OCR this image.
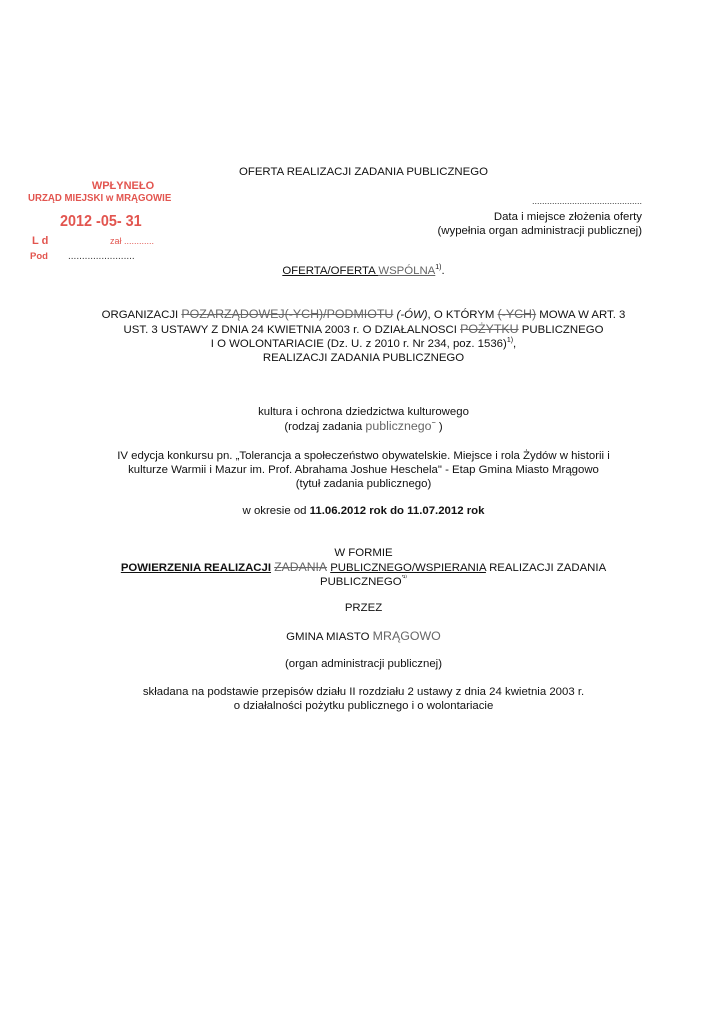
OFERTA REALIZACJI ZADANIA PUBLICZNEGO
WPŁYNEŁO
URZĄD MIEJSKI w MRĄGOWIE
2012 -05- 31
L d	zał ............
Pod ........................
............................................
Data i miejsce złożenia oferty
(wypełnia organ administracji publicznej)
OFERTA/OFERTA WSPÓLNA$^{1)}$.
ORGANIZACJI POZARZĄDOWEJ(-YCH)/PODMIOTU (-ÓW), O KTÓRYM (-YCH) MOWA W ART. 3
UST. 3 USTAWY Z DNIA 24 KWIETNIA 2003 r. O DZIAŁALNOSCI POŻYTKU PUBLICZNEGO
I O WOLONTARIACIE (Dz. U. z 2010 r. Nr 234, poz. 1536)$^{1)}$,
REALIZACJI ZADANIA PUBLICZNEGO
kultura i ochrona dziedzictwa kulturowego
(rodzaj zadania publicznego~ )
IV edycja konkursu pn. „Tolerancja a społeczeństwo obywatelskie. Miejsce i rola Żydów w historii i
kulturze Warmii i Mazur im. Prof. Abrahama Joshue Heschela" - Etap Gmina Miasto Mrągowo
(tytuł zadania publicznego)
w okresie od 11.06.2012 rok do 11.07.2012 rok
W FORMIE
POWIERZENIA REALIZACJI ZADANIA PUBLICZNEGO/WSPIERANIA REALIZACJI ZADANIA
$PUBLICZNEGO^{'^{1)}}$
PRZEZ
GMINA MIASTO MRĄGOWO
(organ administracji publicznej)
składana na podstawie przepisów działu II rozdziału 2 ustawy z dnia 24 kwietnia 2003 r.
o działalności pożytku publicznego i o wolontariacie
